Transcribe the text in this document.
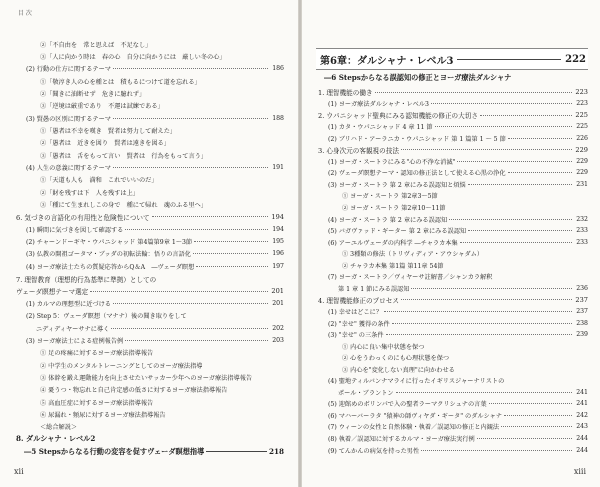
目 次
②「不自由を　常と思えば　不足なし」
③「人に向かう時は　春の心　自分に向かうには　厳しい冬の心」
(2) 行動の仕方に関するテーマ	186
①「敬淳き人の心を種とは　積もるにつけて道を忘れる」
②「聞きに油断せず　危きに臆れず」
③「逆境は厳重であり　不運は試練である」
(3) 賢愚の区別に関するテーマ	188
①「愚者は不幸を嘆き　賢者は努力して耐えた」
②「愚者は　近きを図り　賢者は遠きを図る」
③「愚者は　舌をもって言い　賢者は　行為をもって言う」
(4) 人生の意義に関するテーマ	191
①「天道も人も　満和　これでいいのだ」
②「財を残すは下　人を残すは上」
③「種にて生まれしこの身で　種にて帰れ　魂のふる里へ」
6. 気づきの言語化の有用性と危険性について	194
(1) 瞬間に気づきを図して確認する	194
(2) チャーンドーギヤ・ウパニシャッド 第4篇第9章 1〜3節	195
(3) 仏教の開祖ゴータマ・ブッダの初転法輪：悟りの言語化	196
(4) ヨーガ療法士たちの質疑応答からQ＆A　―ヴェーダ瞑想	197
7. 理智教育（理想的行為基準に準拠）としての
ヴェーダ瞑想テーマ選定	201
(1) カルマの理想型に近づける	201
(2) Step 5：ヴェーダ瞑想（マナナ）後の聞き取りをして
ニディディヤーサナに導く	202
(3) ヨーガ療法士による症例報告例	203
① 足の疼痛に対するヨーガ療法指導報告
② 中学生のメンタルトレーニングとしてのヨーガ療法指導
③ 体幹を鍛え運動能力を向上させたいサッカー少年へのヨーガ療法指導報告
④ 憂うつ・物忘れと自己肯定感の低さに対するヨーガ療法指導報告
⑤ 高血圧症に対するヨーガ療法指導報告
⑥ 尿漏れ・頻尿に対するヨーガ療法指導報告
＜総合解説＞
8. ダルシャナ・レベル2
―5 Stepsからなる行動の変容を促すヴェーダ瞑想指導	218
xii
第6章：ダルシャナ・レベル3	222
―6 Stepsからなる誤認知の修正とヨーガ療法ダルシャナ
1. 理智機能の働き	223
(1) ヨーガ療法ダルシャナ・レベル3	223
2. ウパニシャッド聖典にみる認知機能の修正の大切さ	225
(1) カタ・ウパニシャッド 4 章 11 節	225
(2) ブリハド・アーラニカ・ウパニシャッド 第 1 篇第 1 〜 5 節	226
3. 心身次元の客観視の技法	229
(1) ヨーガ・スートラにみる"心の不浄な消滅"	229
(2) ヴェーダ瞑想テーマ・認知の修正法として使える心黒の浄化	229
(3) ヨーガ・スートラ 第 2 章にみる誤認知と煩悩	231
① ヨーガ・スートラ 第2章3〜5節
② ヨーガ・スートラ 第2章10〜11節
(4) ヨーガ・スートラ 第 2 章にみる誤認知	232
(5) バガヴァッド・ギーター 第 2 章にみる誤認知	233
(6) アーユルヴェーダの内科学 ―チャラカ本集	233
① 3種類の修法（トリヴィディア・アウシャダム）
② チャラカ本集 第1篇 第11章 54節
(7) ヨーガ・スートラ／ヴィヤーサ註解書／シャンカラ解釈
第 1 章 1 節にみる誤認知	236
4. 理智機能修正のプロセス	237
(1) 幸せはどこに？	237
(2) "幸せ" 獲得の条件	238
(3) "幸せ" の三条件	239
① 内心に良い集中状態を保つ
② 心をうわっくのにも心理状態を保つ
③ 内心を"変化しない真理"に向かわせる
(4) 聖地ティルバンナマライに行ったイギリスジャーナリストの
ポール・ブラントン	241
(5) 迎館めのボリンパで入の聖者ラーマクリシュナの言葉	241
(6) マハーバーラタ "猿神の師ヴィヤダ・ギータ" のダルシャナ	242
(7) ウィーンの女性と自然体験・執着／誤認知の修正と内観法	243
(8) 執着／誤認知に対するカルマ・ヨーガ療法実行例	244
(9) てんかんの病気を持った男性	244
xiii
